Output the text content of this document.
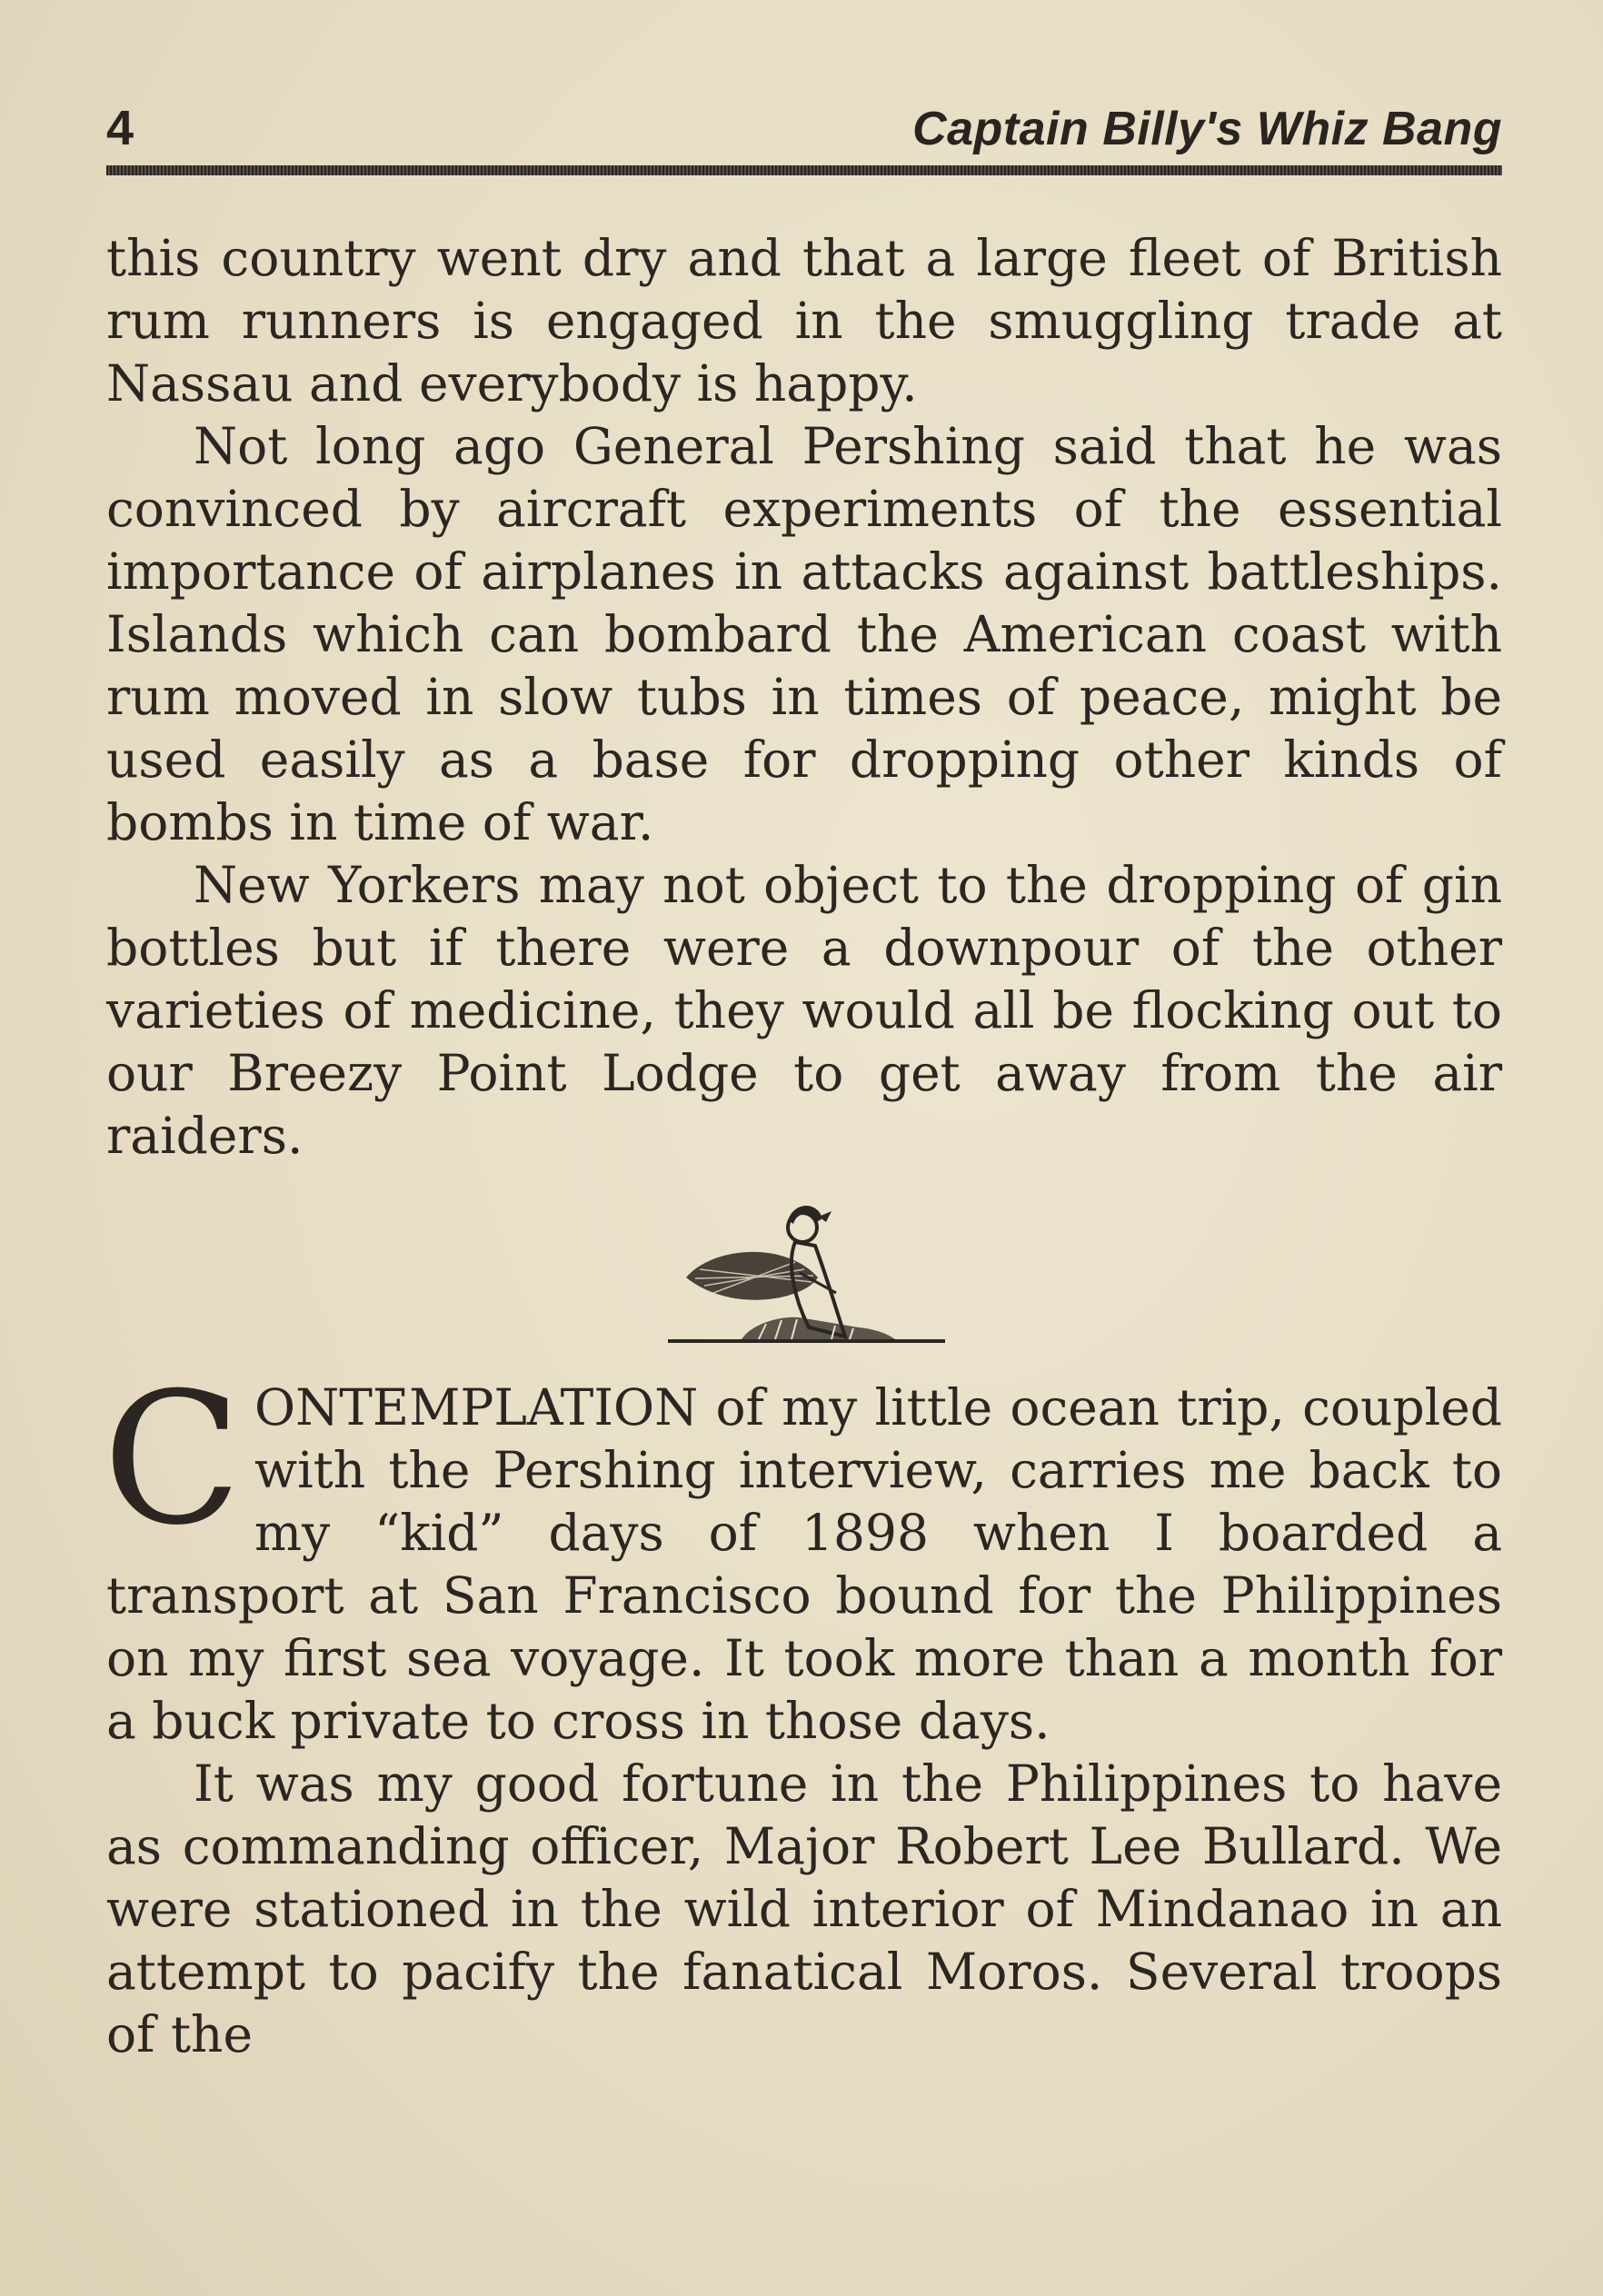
4	Captain Billy's Whiz Bang

this country went dry and that a large fleet of British rum runners is engaged in the smuggling trade at Nassau and everybody is happy.

Not long ago General Pershing said that he was convinced by aircraft experiments of the essential importance of airplanes in attacks against battleships. Islands which can bombard the American coast with rum moved in slow tubs in times of peace, might be used easily as a base for dropping other kinds of bombs in time of war.

New Yorkers may not object to the dropping of gin bottles but if there were a downpour of the other varieties of medicine, they would all be flocking out to our Breezy Point Lodge to get away from the air raiders.

CONTEMPLATION of my little ocean trip, coupled with the Pershing interview, carries me back to my “kid” days of 1898 when I boarded a transport at San Francisco bound for the Philippines on my first sea voyage. It took more than a month for a buck private to cross in those days.

It was my good fortune in the Philippines to have as commanding officer, Major Robert Lee Bullard. We were stationed in the wild interior of Mindanao in an attempt to pacify the fanatical Moros. Several troops of the
